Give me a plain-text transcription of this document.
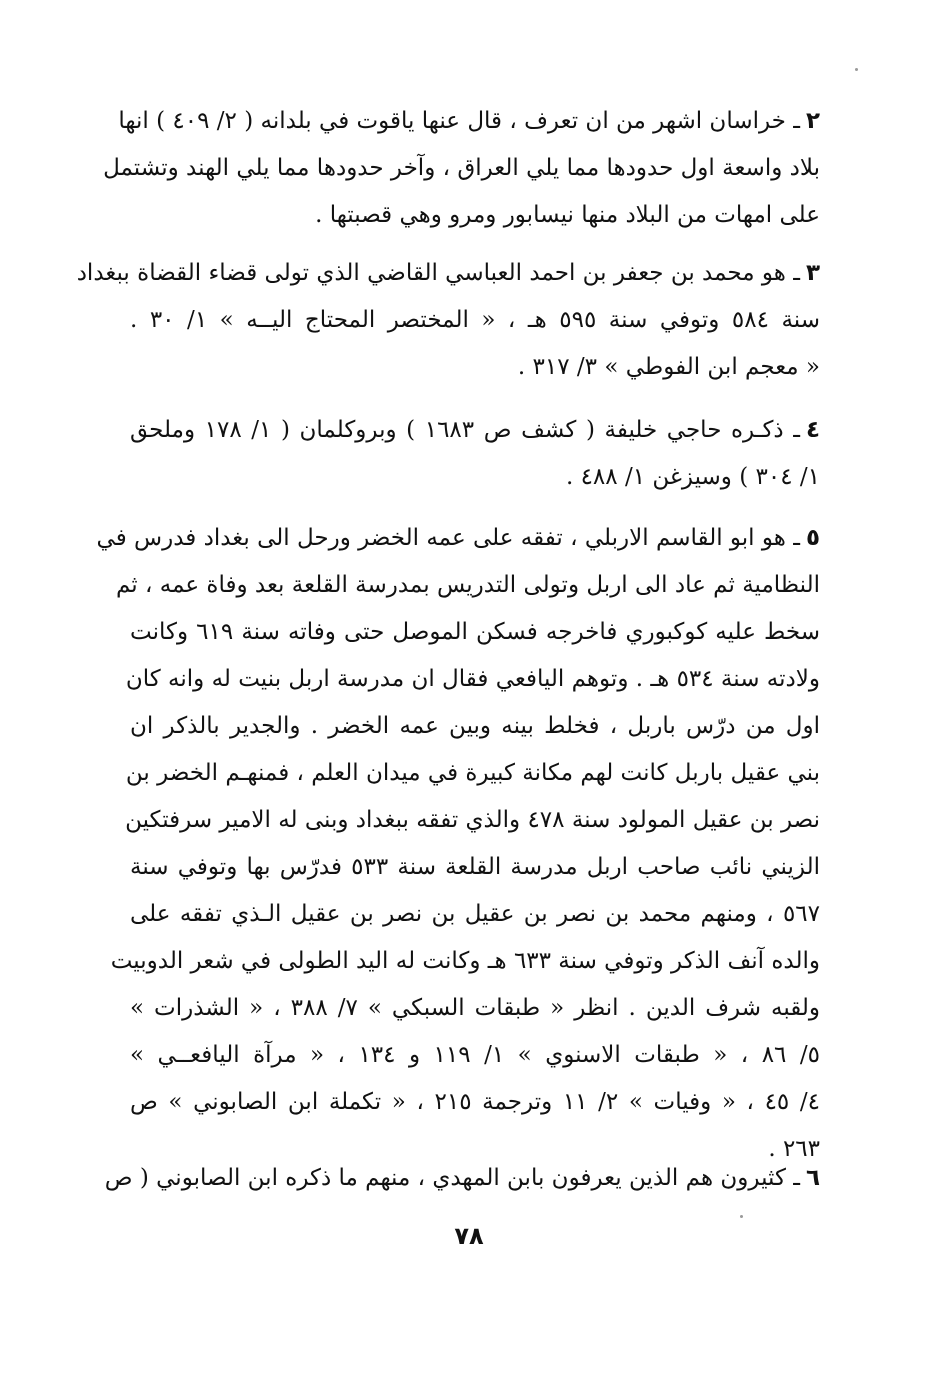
٢ـ خراسان اشهر من ان تعرف ، قال عنها ياقوت في بلدانه ( ٢/ ٤٠٩ ) انها
بلاد واسعة اول حدودها مما يلي العراق ، وآخر حدودها مما يلي الهند وتشتمل
على امهات من البلاد منها نيسابور ومرو وهي قصبتها .
٣ـ هو محمد بن جعفر بن احمد العباسي القاضي الذي تولى قضاء القضاة ببغداد
سنة ٥٨٤ وتوفي سنة ٥٩٥ هـ ، « المختصر المحتاج اليــه » ١/ ٣٠ .
« معجم ابن الفوطي » ٣/ ٣١٧ .
٤ـ ذكـره حاجي خليفة ( كشف ص ١٦٨٣ ) وبروكلمان ( ١/ ١٧٨ وملحق
١/ ٣٠٤ ) وسيزغن ١/ ٤٨٨ .
٥ـ هو ابو القاسم الاربلي ، تفقه على عمه الخضر ورحل الى بغداد فدرس في
النظامية ثم عاد الى اربل وتولى التدريس بمدرسة القلعة بعد وفاة عمه ، ثم
سخط عليه كوكبوري فاخرجه فسكن الموصل حتى وفاته سنة ٦١٩ وكانت
ولادته سنة ٥٣٤ هـ . وتوهم اليافعي فقال ان مدرسة اربل بنيت له وانه كان
اول من درّس باربل ، فخلط بينه وبين عمه الخضر . والجدير بالذكر ان
بني عقيل باربل كانت لهم مكانة كبيرة في ميدان العلم ، فمنهـم الخضر بن
نصر بن عقيل المولود سنة ٤٧٨ والذي تفقه ببغداد وبنى له الامير سرفتكين
الزيني نائب صاحب اربل مدرسة القلعة سنة ٥٣٣ فدرّس بها وتوفي سنة
٥٦٧ ، ومنهم محمد بن نصر بن عقيل بن نصر بن عقيل الـذي تفقه على
والده آنف الذكر وتوفي سنة ٦٣٣ هـ وكانت له اليد الطولى في شعر الدوبيت
ولقبه شرف الدين . انظر « طبقات السبكي » ٧/ ٣٨٨ ، « الشذرات »
٥/ ٨٦ ، « طبقات الاسنوي » ١/ ١١٩ و ١٣٤ ، « مرآة اليافعــي »
٤/ ٤٥ ، « وفيات » ٢/ ١١ وترجمة ٢١٥ ، « تكملة ابن الصابوني » ص
٢٦٣ .
٦ـ كثيرون هم الذين يعرفون بابن المهدي ، منهم ما ذكره ابن الصابوني ( ص
٧٨
